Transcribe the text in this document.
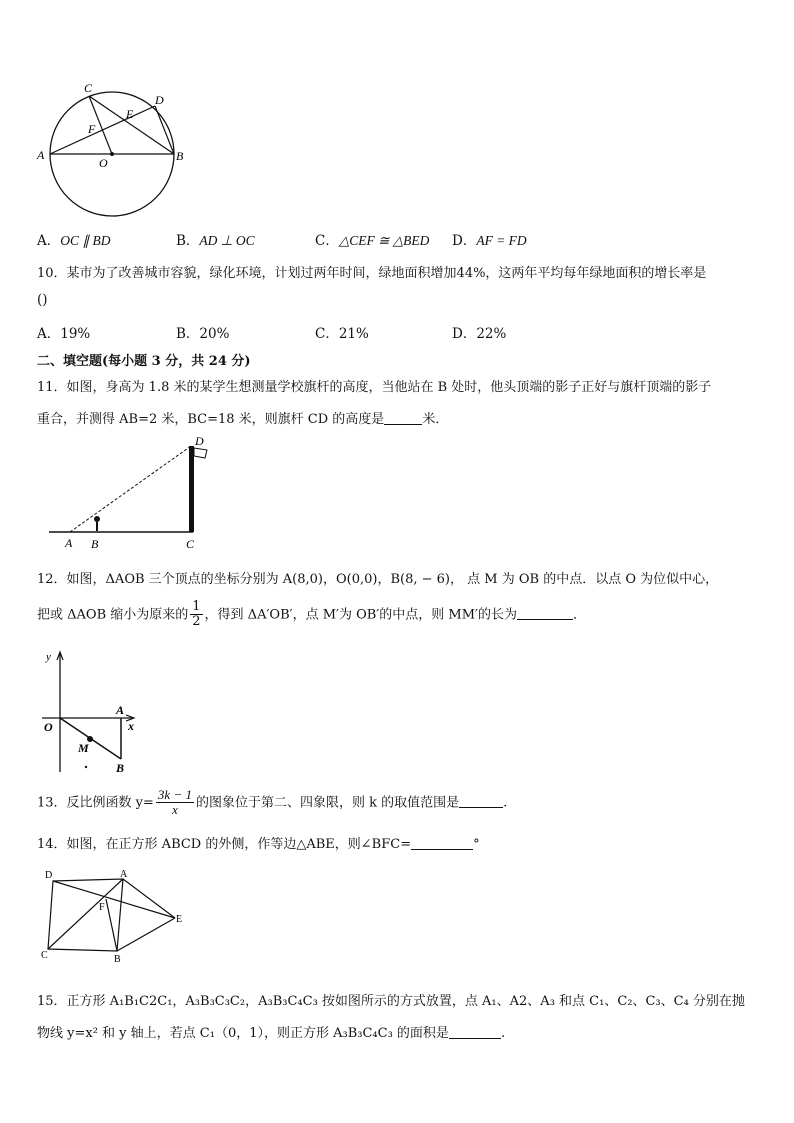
A	B
C
D
E
F
O
A．OC ∥ BD	B．AD ⊥ OC	C．△CEF ≅ △BED D．AF = FD
10．某市为了改善城市容貌，绿化环境，计划过两年时间，绿地面积增加44%，这两年平均每年绿地面积的增长率是
()
A．19%	B．20%	C．21%	D．22%
二、填空题(每小题 3 分，共 24 分)
11．如图，身高为 1.8 米的某学生想测量学校旗杆的高度，当他站在 B 处时，他头顶端的影子正好与旗杆顶端的影子
重合，并测得 AB=2 米，BC=18 米，则旗杆 CD 的高度是	米．
A B	C
D
12．如图，ΔAOB 三个顶点的坐标分别为 A(8,0)，O(0,0)，B(8, − 6)， 点 M 为 OB 的中点．以点 O 为位似中心，
把或 ΔAOB 缩小为原来的 $\frac{1}{2}$ ，得到 ΔA′OB′，点 M′为 OB′的中点，则 MM′的长为	．
y
x
O
A
M
B
13．反比例函数 $y= \frac{3k - 1}{x}$ 的图象位于第二、四象限，则 k 的取值范围是	.
14．如图，在正方形 ABCD 的外侧，作等边△ABE，则∠BFC=	°
D	A
E
F
C	B
15．正方形 A₁B₁C2C₁，A₃B₃C₃C₂，A₃B₃C₄C₃ 按如图所示的方式放置，点 A₁、A2、A₃ 和点 C₁、C₂、C₃、C₄ 分别在抛
物线 y=x² 和 y 轴上，若点 C₁（0，1），则正方形 A₃B₃C₄C₃ 的面积是	.
